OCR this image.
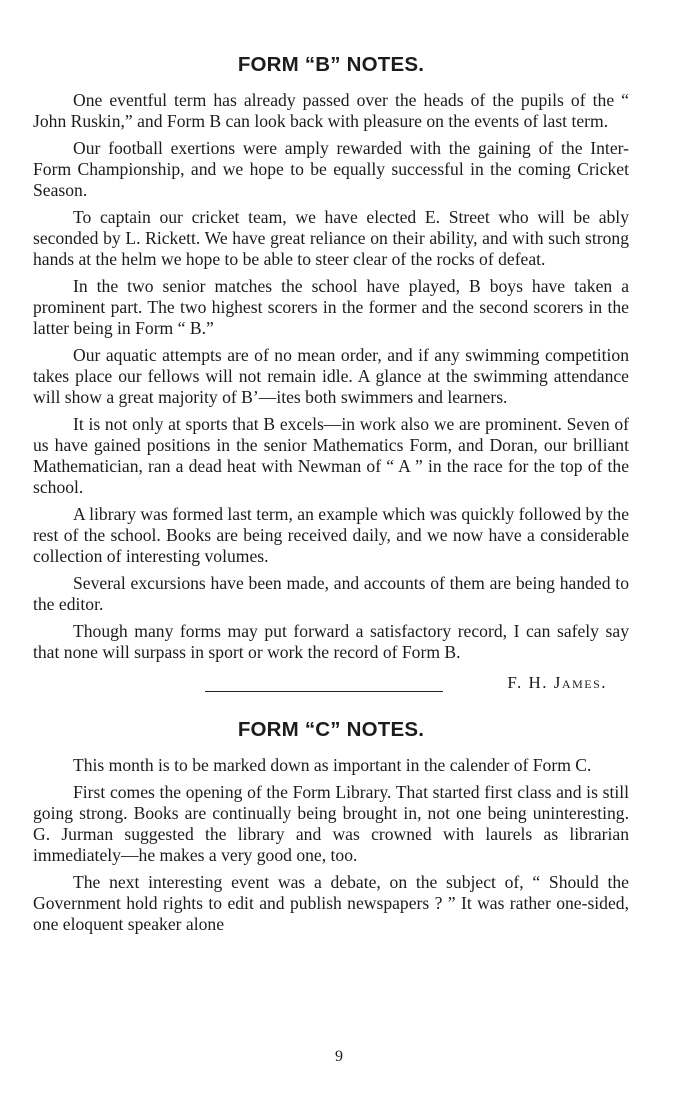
FORM “B” NOTES.

One eventful term has already passed over the heads of the pupils of the “ John Ruskin,” and Form B can look back with pleasure on the events of last term.

Our football exertions were amply rewarded with the gaining of the Inter-Form Championship, and we hope to be equally successful in the coming Cricket Season.

To captain our cricket team, we have elected E. Street who will be ably seconded by L. Rickett. We have great reliance on their ability, and with such strong hands at the helm we hope to be able to steer clear of the rocks of defeat.

In the two senior matches the school have played, B boys have taken a prominent part. The two highest scorers in the former and the second scorers in the latter being in Form “ B.”

Our aquatic attempts are of no mean order, and if any swimming competition takes place our fellows will not remain idle. A glance at the swimming attendance will show a great majority of B’—ites both swimmers and learners.

It is not only at sports that B excels—in work also we are prominent. Seven of us have gained positions in the senior Mathematics Form, and Doran, our brilliant Mathematician, ran a dead heat with Newman of “ A ” in the race for the top of the school.

A library was formed last term, an example which was quickly followed by the rest of the school. Books are being received daily, and we now have a considerable collection of interesting volumes.

Several excursions have been made, and accounts of them are being handed to the editor.

Though many forms may put forward a satisfactory record, I can safely say that none will surpass in sport or work the record of Form B.

F. H. James.
FORM “C” NOTES.

This month is to be marked down as important in the calender of Form C.

First comes the opening of the Form Library. That started first class and is still going strong. Books are continually being brought in, not one being uninteresting. G. Jurman suggested the library and was crowned with laurels as librarian immediately—he makes a very good one, too.

The next interesting event was a debate, on the subject of, “ Should the Government hold rights to edit and publish newspapers ? ” It was rather one-sided, one eloquent speaker alone

9
